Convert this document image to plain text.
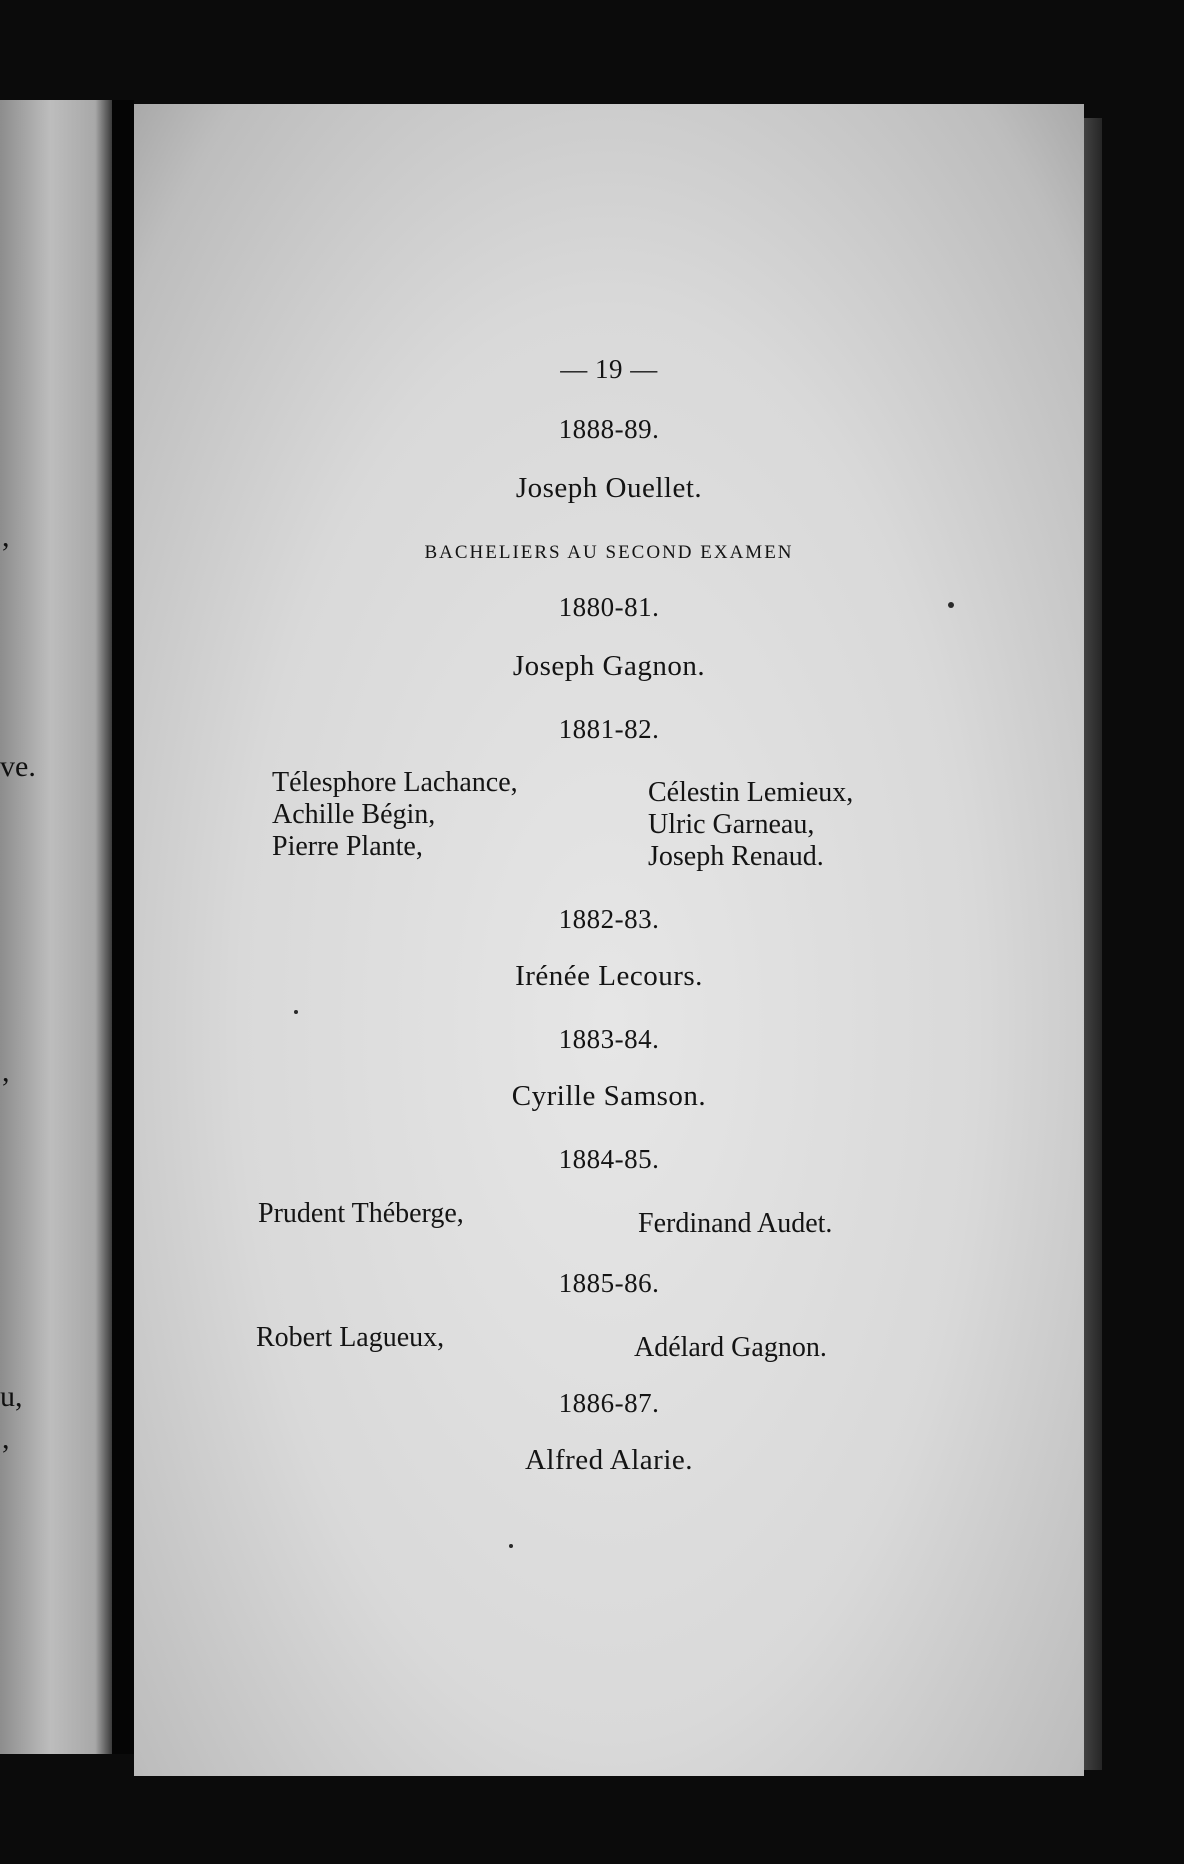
ve.
,
,
u,
,
— 19 —
1888-89.
Joseph Ouellet.
BACHELIERS AU SECOND EXAMEN
1880-81.
Joseph Gagnon.
1881-82.
Télesphore Lachance,
Achille Bégin,
Pierre Plante,
Célestin Lemieux,
Ulric Garneau,
Joseph Renaud.
1882-83.
Irénée Lecours.
1883-84.
Cyrille Samson.
1884-85.
Prudent Théberge,	Ferdinand Audet.
1885-86.
Robert Lagueux,	Adélard Gagnon.
1886-87.
Alfred Alarie.
